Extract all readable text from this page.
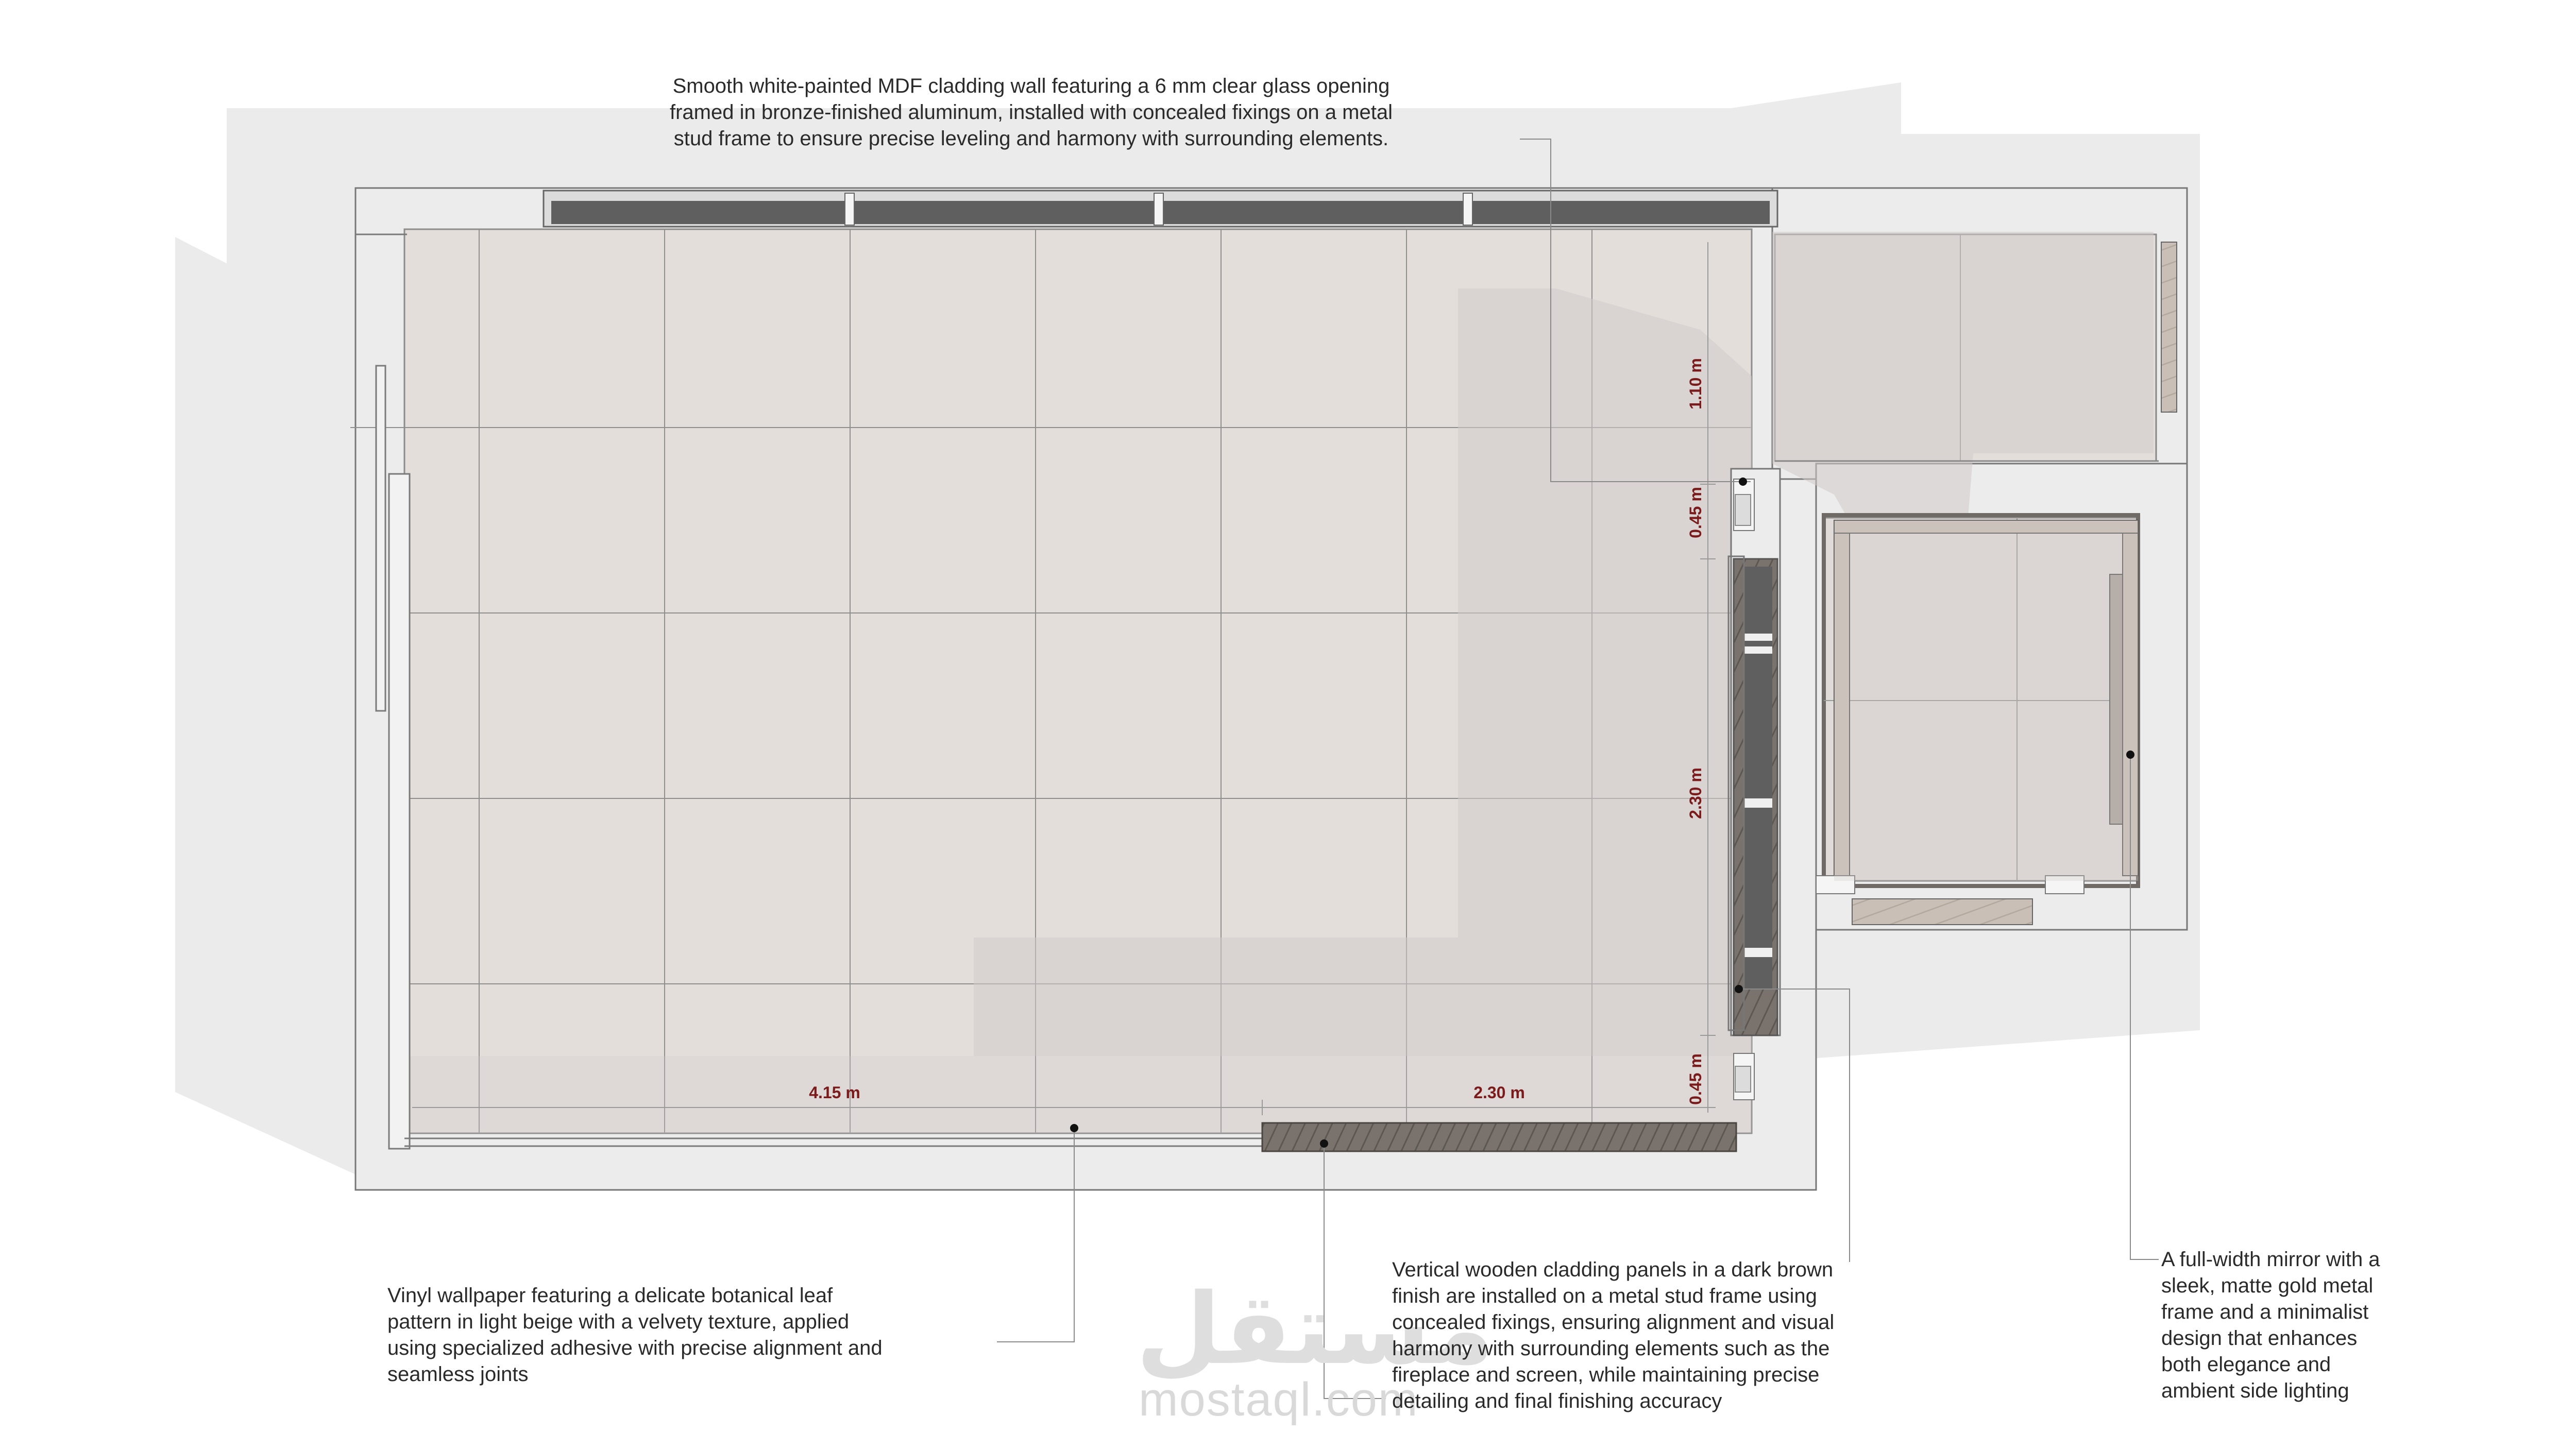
1.10 m
0.45 m
2.30 m
0.45 m
4.15 m	2.30 m
مستقل
mostaql.com
Smooth white-painted MDF cladding wall featuring a 6 mm clear glass opening
framed in bronze-finished aluminum, installed with concealed fixings on a metal
stud frame to ensure precise leveling and harmony with surrounding elements.
Vinyl wallpaper featuring a delicate botanical leaf
pattern in light beige with a velvety texture, applied
using specialized adhesive with precise alignment and
seamless joints
Vertical wooden cladding panels in a dark brown
finish are installed on a metal stud frame using
concealed fixings, ensuring alignment and visual
harmony with surrounding elements such as the
fireplace and screen, while maintaining precise
detailing and final finishing accuracy
A full-width mirror with a
sleek, matte gold metal
frame and a minimalist
design that enhances
both elegance and
ambient side lighting
